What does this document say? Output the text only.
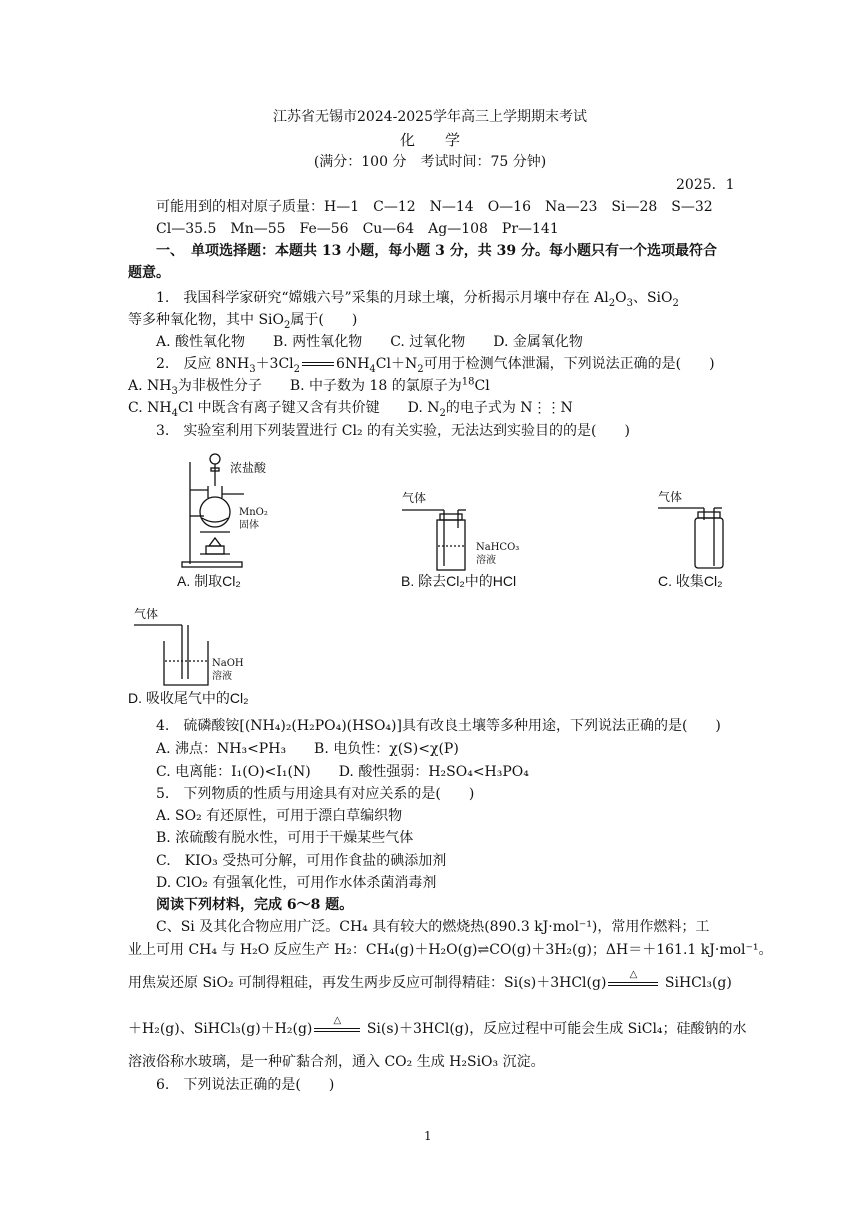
江苏省无锡市2024-2025学年高三上学期期末考试
化　　学
(满分：100 分　考试时间：75 分钟)
2025．1
可能用到的相对原子质量：H—1　C—12　N—14　O—16　Na—23　Si—28　S—32
Cl—35.5　Mn—55　Fe—56　Cu—64　Ag—108　Pr—141
一、　单项选择题：本题共 13 小题，每小题 3 分，共 39 分。每小题只有一个选项最符合
题意。
1.　我国科学家研究“嫦娥六号”采集的月球土壤，分析揭示月壤中存在 $Al_2O_3$、SiO$_2$
等多种氧化物，其中 SiO$_2$属于(　　)
A. 酸性氧化物　　B. 两性氧化物　　C. 过氧化物　　D. 金属氧化物
2.　反应 $8NH_3+3Cl_2$	$6NH_4Cl+N_2$可用于检测气体泄漏，下列说法正确的是(　　)
A. $NH_3$为非极性分子　　B. 中子数为 18 的氯原子为$^{18}$Cl
C. $NH_4Cl$ 中既含有离子键又含有共价键　　D. $N_2$的电子式为 N⋮⋮N
3.　实验室利用下列装置进行 Cl₂ 的有关实验，无法达到实验目的的是(　　)
浓盐酸
MnO₂
固体
A. 制取Cl₂
气体
NaHCO₃
溶液
B. 除去Cl₂中的HCl
气体
C. 收集Cl₂
气体
NaOH
溶液
D. 吸收尾气中的Cl₂
4.　硫磷酸铵[(NH₄)₂(H₂PO₄)(HSO₄)]具有改良土壤等多种用途，下列说法正确的是(　　)
A. 沸点：NH₃<PH₃　　B. 电负性：χ(S)<χ(P)
C. 电离能：I₁(O)<I₁(N)　　D. 酸性强弱：H₂SO₄<H₃PO₄
5.　下列物质的性质与用途具有对应关系的是(　　)
A. SO₂ 有还原性，可用于漂白草编织物
B. 浓硫酸有脱水性，可用于干燥某些气体
C.　KIO₃ 受热可分解，可用作食盐的碘添加剂
D. ClO₂ 有强氧化性，可用作水体杀菌消毒剂
阅读下列材料，完成 6～8 题。
C、Si 及其化合物应用广泛。CH₄ 具有较大的燃烧热(890.3 kJ·mol⁻¹)，常用作燃料；工
业上可用 CH₄ 与 H₂O 反应生产 H₂：CH₄(g)＋H₂O(g)⇌CO(g)＋3H₂(g)；ΔH＝＋161.1 kJ·mol⁻¹。
用焦炭还原 SiO₂ 可制得粗硅，再发生两步反应可制得精硅：Si(s)＋3HCl(g)
△
SiHCl₃(g)
＋H₂(g)、SiHCl₃(g)＋H₂(g)
△
Si(s)＋3HCl(g)，反应过程中可能会生成 SiCl₄；硅酸钠的水
溶液俗称水玻璃，是一种矿黏合剂，通入 CO₂ 生成 H₂SiO₃ 沉淀。
6.　下列说法正确的是(　　)
1
